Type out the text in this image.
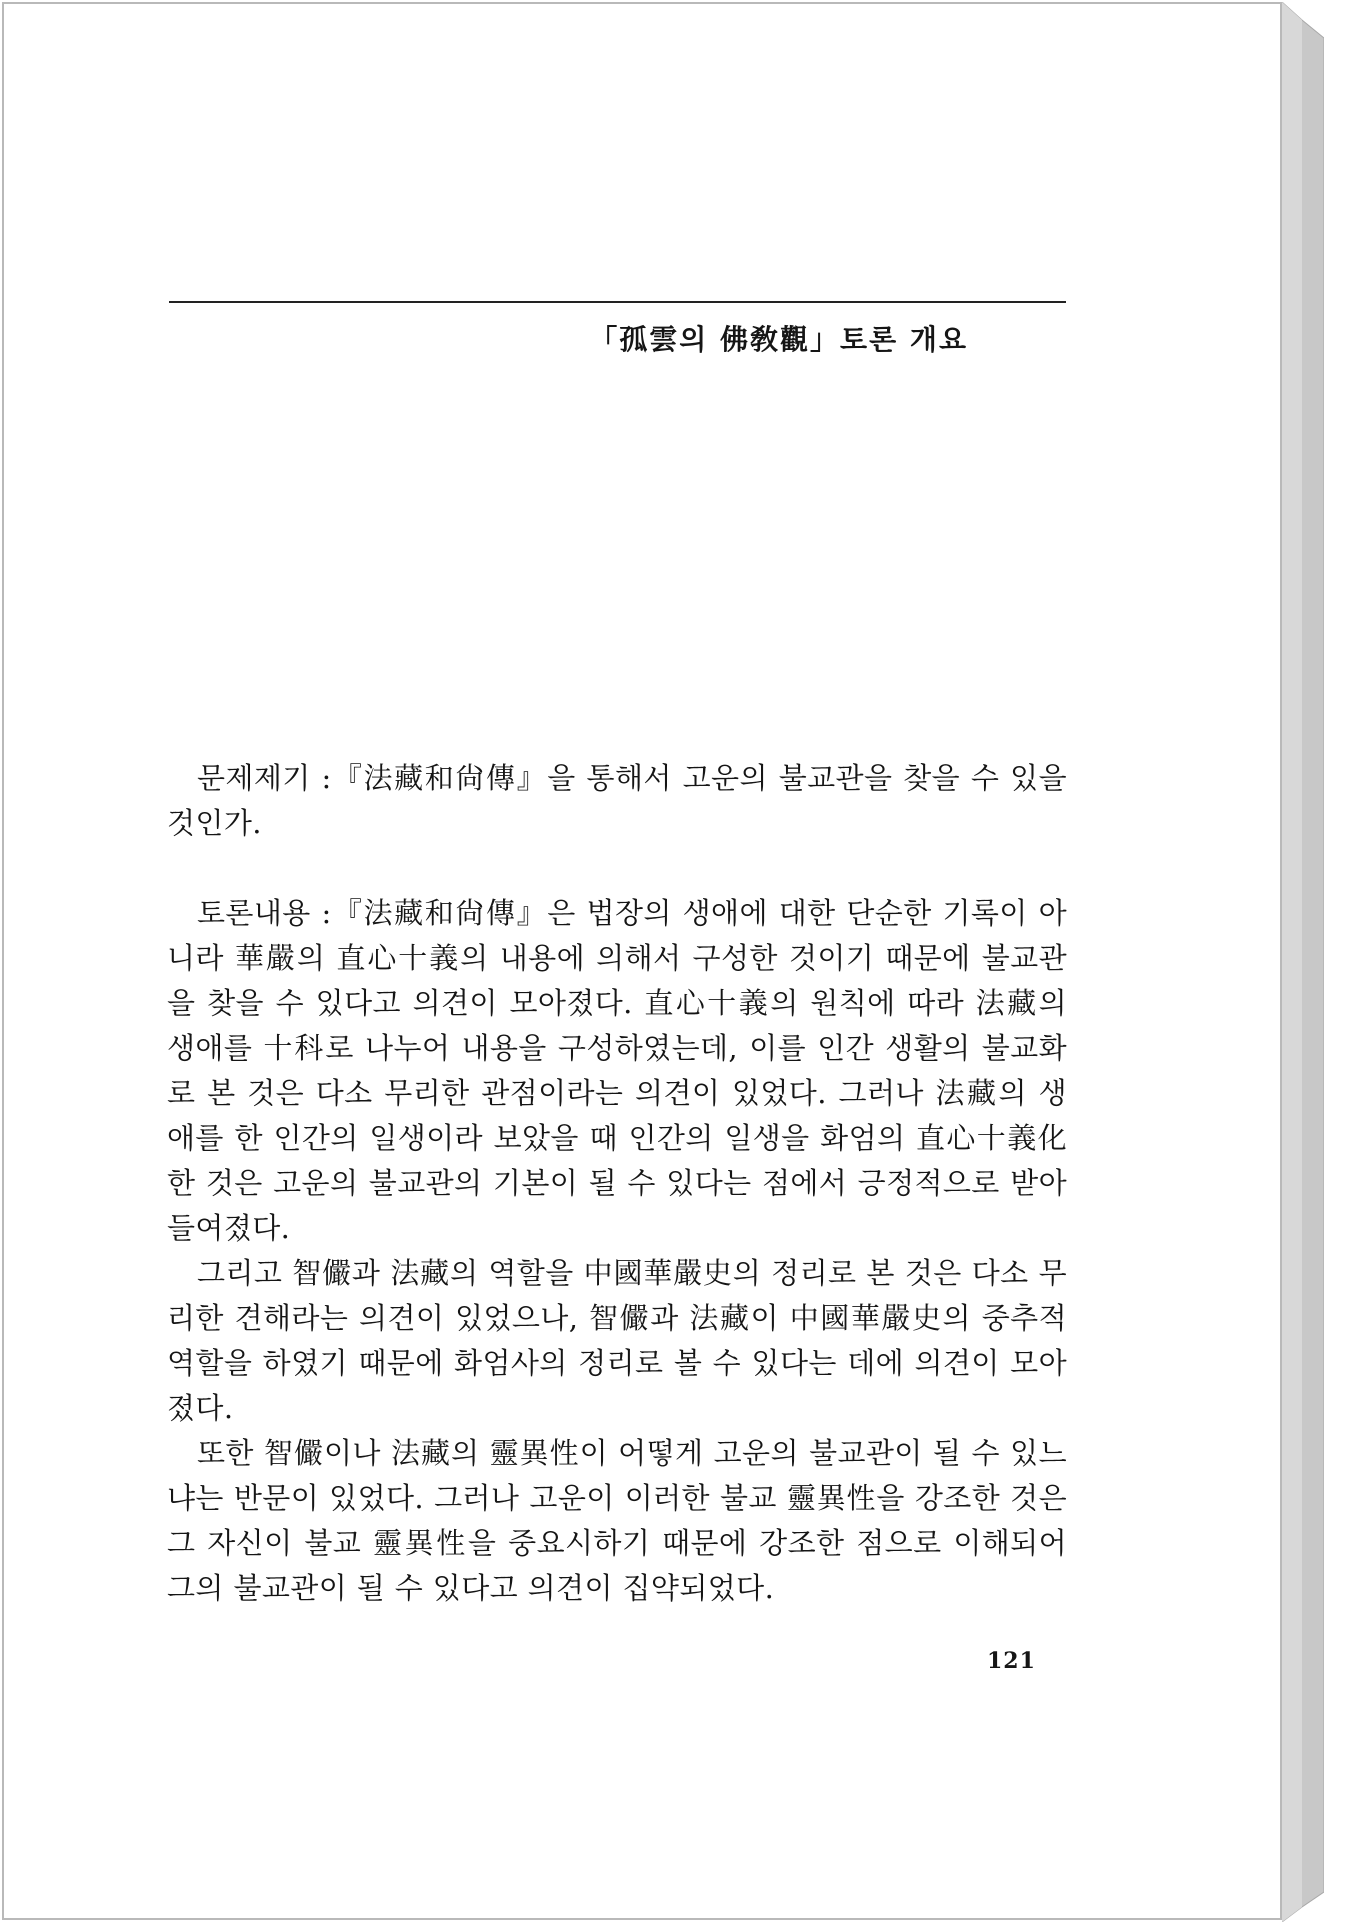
「孤雲의 佛敎觀」토론 개요

문제제기 :『法藏和尙傳』을 통해서 고운의 불교관을 찾을 수 있을 것인가.

토론내용 :『法藏和尙傳』은 법장의 생애에 대한 단순한 기록이 아니라 華嚴의 直心十義의 내용에 의해서 구성한 것이기 때문에 불교관을 찾을 수 있다고 의견이 모아졌다. 直心十義의 원칙에 따라 法藏의 생애를 十科로 나누어 내용을 구성하였는데, 이를 인간 생활의 불교화로 본 것은 다소 무리한 관점이라는 의견이 있었다. 그러나 法藏의 생애를 한 인간의 일생이라 보았을 때 인간의 일생을 화엄의 直心十義化한 것은 고운의 불교관의 기본이 될 수 있다는 점에서 긍정적으로 받아들여졌다.

그리고 智儼과 法藏의 역할을 中國華嚴史의 정리로 본 것은 다소 무리한 견해라는 의견이 있었으나, 智儼과 法藏이 中國華嚴史의 중추적 역할을 하였기 때문에 화엄사의 정리로 볼 수 있다는 데에 의견이 모아졌다.

또한 智儼이나 法藏의 靈異性이 어떻게 고운의 불교관이 될 수 있느냐는 반문이 있었다. 그러나 고운이 이러한 불교 靈異性을 강조한 것은 그 자신이 불교 靈異性을 중요시하기 때문에 강조한 점으로 이해되어 그의 불교관이 될 수 있다고 의견이 집약되었다.

121
